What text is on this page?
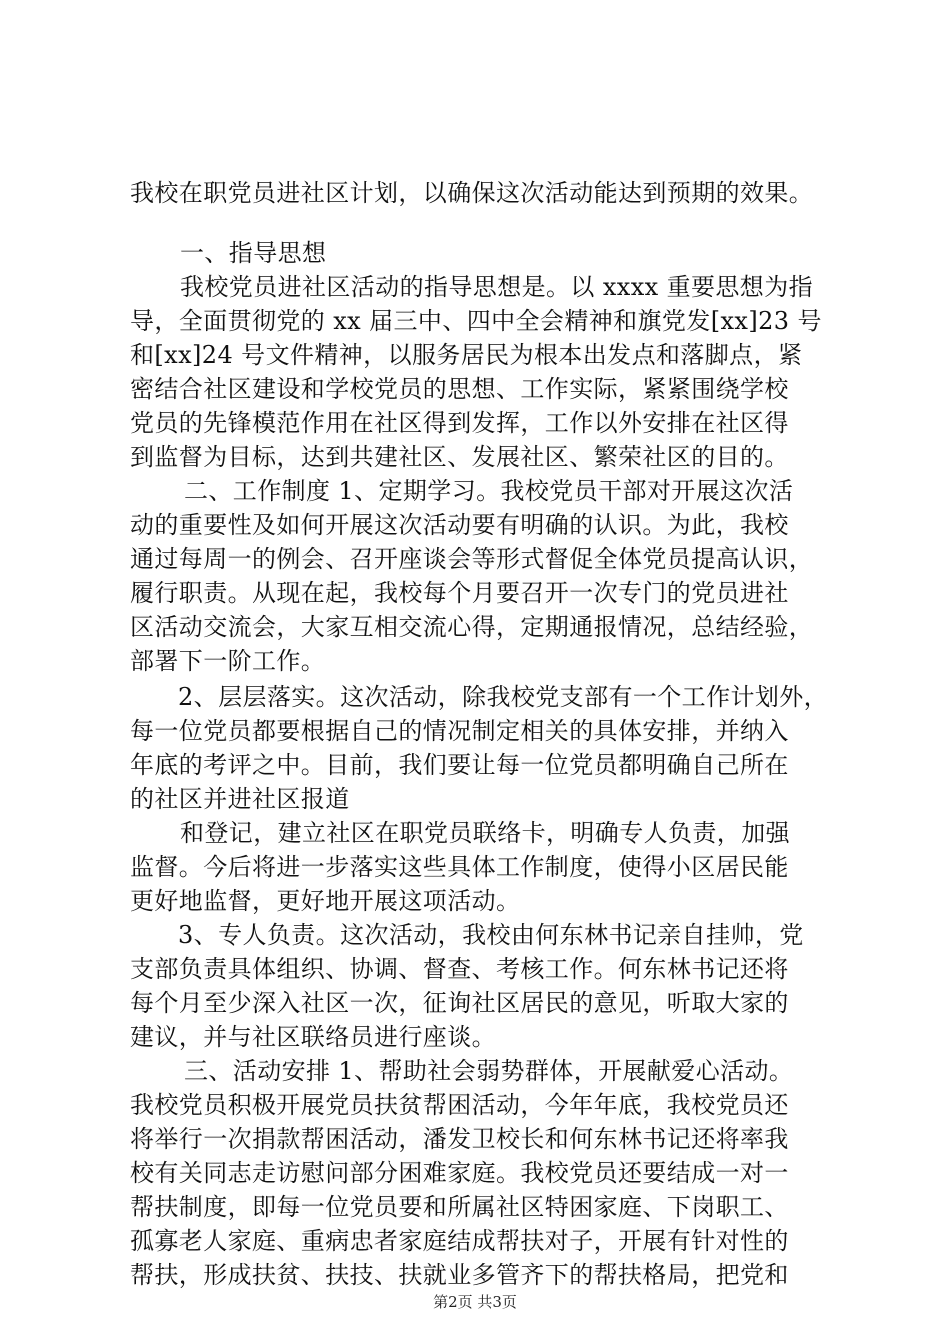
我校在职党员进社区计划，以确保这次活动能达到预期的效果。
一、指导思想
我校党员进社区活动的指导思想是。以 xxxx 重要思想为指
导，全面贯彻党的 xx 届三中、四中全会精神和旗党发[xx]23 号
和[xx]24 号文件精神，以服务居民为根本出发点和落脚点，紧
密结合社区建设和学校党员的思想、工作实际，紧紧围绕学校
党员的先锋模范作用在社区得到发挥，工作以外安排在社区得
到监督为目标，达到共建社区、发展社区、繁荣社区的目的。
二、工作制度 1、定期学习。我校党员干部对开展这次活
动的重要性及如何开展这次活动要有明确的认识。为此，我校
通过每周一的例会、召开座谈会等形式督促全体党员提高认识，
履行职责。从现在起，我校每个月要召开一次专门的党员进社
区活动交流会，大家互相交流心得，定期通报情况，总结经验，
部署下一阶工作。
2、层层落实。这次活动，除我校党支部有一个工作计划外，
每一位党员都要根据自己的情况制定相关的具体安排，并纳入
年底的考评之中。目前，我们要让每一位党员都明确自己所在
的社区并进社区报道
和登记，建立社区在职党员联络卡，明确专人负责，加强
监督。今后将进一步落实这些具体工作制度，使得小区居民能
更好地监督，更好地开展这项活动。
3、专人负责。这次活动，我校由何东林书记亲自挂帅，党
支部负责具体组织、协调、督查、考核工作。何东林书记还将
每个月至少深入社区一次，征询社区居民的意见，听取大家的
建议，并与社区联络员进行座谈。
三、活动安排 1、帮助社会弱势群体，开展献爱心活动。
我校党员积极开展党员扶贫帮困活动，今年年底，我校党员还
将举行一次捐款帮困活动，潘发卫校长和何东林书记还将率我
校有关同志走访慰问部分困难家庭。我校党员还要结成一对一
帮扶制度，即每一位党员要和所属社区特困家庭、下岗职工、
孤寡老人家庭、重病忠者家庭结成帮扶对子，开展有针对性的
帮扶，形成扶贫、扶技、扶就业多管齐下的帮扶格局，把党和
第2页 共3页
